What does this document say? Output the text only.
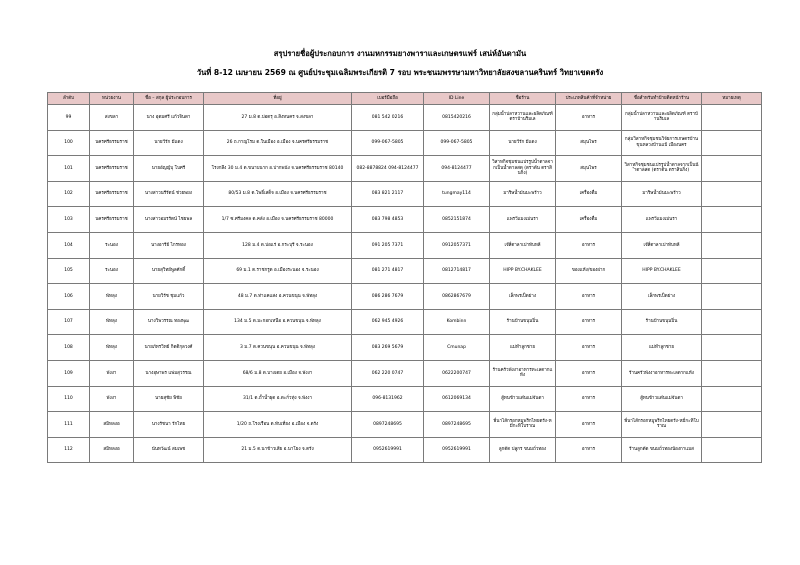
สรุปรายชื่อผู้ประกอบการ งานมหกรรมยางพาราและเกษตรแฟร์ เสน่ห์อันดามัน
วันที่ 8-12 เมษายน 2569 ณ ศูนย์ประชุมเฉลิมพระเกียรติ 7 รอบ พระชนมพรรษามหาวิทยาลัยสงขลานครินทร์ วิทยาเขตตรัง
ลำดับ	หน่วยงาน	ชื่อ – สกุล ผู้ประกอบการ	ที่อยู่	เบอร์มือถือ	ID Line	ชื่อร้าน	ประเภทสินค้าที่จำหน่าย	ชื่อสำหรับทำป้ายติดหน้าร้าน	หมายเหตุ
99	สงขลา	นาง อุดมศรี แก้วจินดา	27 ม.8 ต.บ่อตรุ อ.สิงหนคร จ.สงขลา	081 542 0216	0815420216	กลุ่มน้ำปลาหวานและผลิตภัณฑ์ ตราบ้านริมเล	อาหาร	กลุ่มน้ำปลาหวานและผลิตภัณฑ์ ตราบ้านริมเล	
100	นครศรีธรรมราช	นายวีรัก มีแดง	26 ถ.กาญโรม ต.ในเมือง อ.เมือง จ.นครศรีธรรมราช	099-067-5805	099-067-5805	นายวีรัก มีแดง	สมุนไพร	กลุ่มวิสาหกิจชุมชนวิจัยการเกษตรบ้านขุนหลวงบ้านแป้ เมืองนคร	
101	นครศรีธรรมราช	นายอัญญ์บุ โบศรี	โรงกลึง 30 ม.4 ต.ขนาบนาก อ.ปากพนัง จ.นครศรีธรรมราช 80140	082-8878824 094-8124477	094-8124477	วิสาหกิจชุมชนแปรรูปน้ำตาลจากเป็นน้ำตาลสด (ตราต้น ตราสินกิ่ง)	สมุนไพร	วิสาหกิจชุมชนแปรรูปน้ำตาลจากเป็นน้ำตาลสด (ตราต้น ตราสินกิ่ง)	
102	นครศรีธรรมราช	นางสาวนรีรัตน์ ช่วยพยง	80/53 ม.8 ต.โพธิ์เสด็จ อ.เมือง จ.นครศรีธรรมราช	083 821 2117	tungmay114	มาริษน้ำมันมะพร้าว	เครื่องดื่ม	มาริษน้ำมันมะพร้าว	
103	นครศรีธรรมราช	นางสาวอมรรัตน์ ไชยพล	1/7 ซ.ศรีมงคล ต.คลัง อ.เมือง จ.นครศรีธรรมราช 80000	083 798 4853	0852151874	แพรวีแมงเม่นรา	เครื่องดื่ม	แพรวีแมงเม่นรา	
104	ระนอง	นางอารีย์ ไกรทอง	128 ม.4 ต.บ่อแร่ อ.กระบุรี จ.ระนอง	091 205 7371	0912057371	เจ๊สี่ตาลาเปาทับหลี	อาหาร	เจ๊สี่ตาลาเปาทับหลี	
105	ระนอง	นายสุวิทย์พูลศักดิ์	69 ม.1 ต.ราชกรูด อ.เมืองระนอง จ.ระนอง	081 271 4817	0812714817	HIPP BY.CHAKLEE	ของแห้ง/ของฝาก	HIPP BY.CHAKLEE	
106	พัทลุง	นายวิรัช ชุมแก้ว	48 ม.7 ต.ท่าแคแสง อ.ควนขนุน จ.พัทลุง	086 286 7679	0862867679	เล็กพรเป็ดย่าง	อาหาร	เล็กพรเป็ดย่าง	
107	พัทลุง	นางวิพวรรณ ทองพุฒ	134 ม.5 ต.มะกอกเหนือ อ.ควนขนุน จ.พัทลุง	062 945 4926	Kombinn	ร้านบ้านขนุนปิ่น	อาหาร	ร้านบ้านขนุนปิ่น	
108	พัทลุง	นายภัทรวิทย์ กิตติกุลวงศ์	3 ม.7 ต.ควนขนุน อ.ควนขนุน จ.พัทลุง	083 269 5679	Cmunap	แม่ทำลูกชาย	อาหาร	แม่ทำลูกชาย	
109	พังงา	นางอุษาพร แพ่มสุวรรณ	68/6 ม.8 ต.บางเตย อ.เมือง จ.พังงา	062 220 0747	0622200747	ร้านครัวพังงาอาหารทะเลตากแห้ง	อาหาร	ร้านครัวพังงาอาหารทะเลตากแห้ง	
110	พังงา	นายสุชัย พิชัย	31/1 ต.ถ้ำน้ำผุด อ.ตะกั่วทุ่ง จ.พังงา	096-8131962	0612069134	สู้ทนข้าวแต๋นแม่จันดา	อาหาร	สู้ทนข้าวแต๋นแม่จันดา	
111	สมิหลงอ	นางรัชนา รักไทย	1/20 ถ.โรงเรือน ต.ทับเที่ยง อ.เมือง จ.ตรัง	0897248695	0897248695	พี่นาไส้กรอกหมูพริกไทยตรัง-หมี่กะทิโบราณ	อาหาร	พี่นาไส้กรอกหมูพริกไทยตรัง-หมี่กะทิโบราณ	
112	สมิหลงอ	นันทวัฒน์ สมเพช	21 ม.5 ต.นาข้าวเสีย อ.นาโยง จ.ตรัง	0952619991	0952619991	ลูกตัด ปลูกร ขนมถั่วทอง	อาหาร	ร้านลูกตัด ขนมถั่วทองน้องกาแมส	
